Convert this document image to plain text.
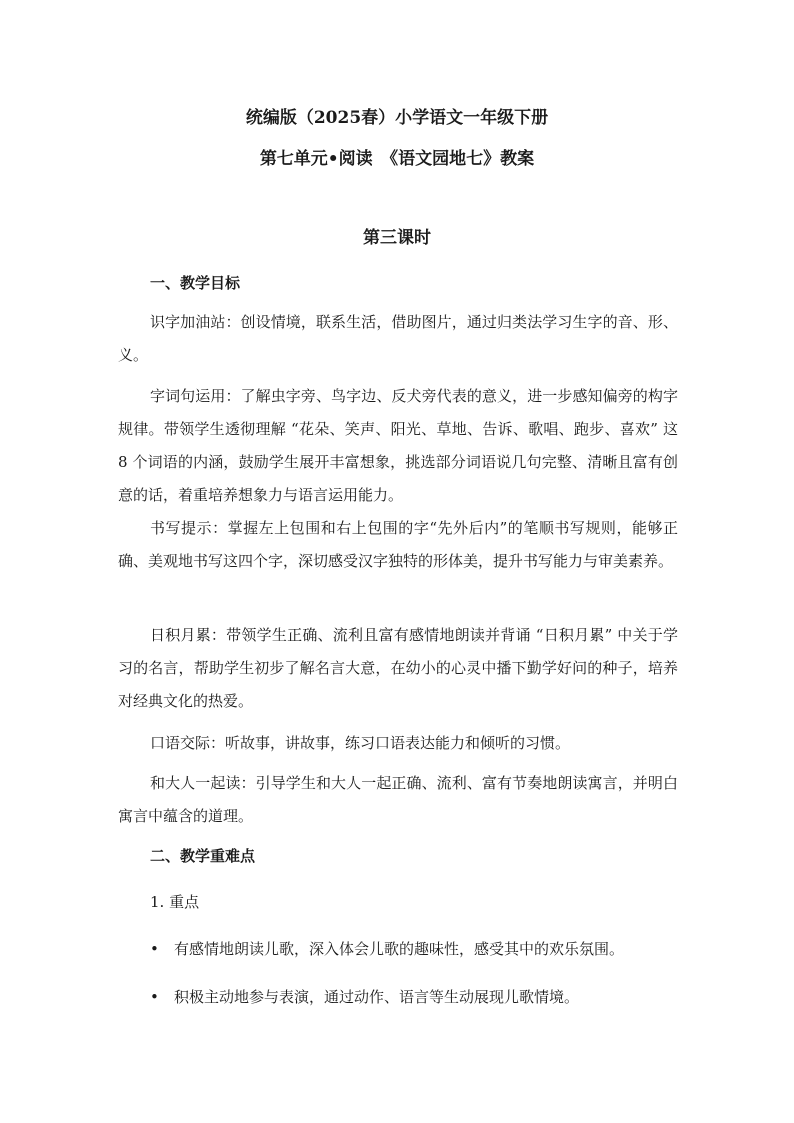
统编版（2025春）小学语文一年级下册
第七单元•阅读　《语文园地七》教案
第三课时
一、教学目标

识字加油站：创设情境，联系生活，借助图片，通过归类法学习生字的音、形、义。

字词句运用：了解虫字旁、鸟字边、反犬旁代表的意义，进一步感知偏旁的构字规律。带领学生透彻理解 “花朵、笑声、阳光、草地、告诉、歌唱、跑步、喜欢” 这 8 个词语的内涵，鼓励学生展开丰富想象，挑选部分词语说几句完整、清晰且富有创意的话，着重培养想象力与语言运用能力。

书写提示：掌握左上包围和右上包围的字“先外后内”的笔顺书写规则，能够正确、美观地书写这四个字，深切感受汉字独特的形体美，提升书写能力与审美素养。

日积月累：带领学生正确、流利且富有感情地朗读并背诵 “日积月累” 中关于学习的名言，帮助学生初步了解名言大意，在幼小的心灵中播下勤学好问的种子，培养对经典文化的热爱。

口语交际：听故事，讲故事，练习口语表达能力和倾听的习惯。

和大人一起读：引导学生和大人一起正确、流利、富有节奏地朗读寓言，并明白寓言中蕴含的道理。

二、教学重难点
1. 重点
• 有感情地朗读儿歌，深入体会儿歌的趣味性，感受其中的欢乐氛围。
• 积极主动地参与表演，通过动作、语言等生动展现儿歌情境。
